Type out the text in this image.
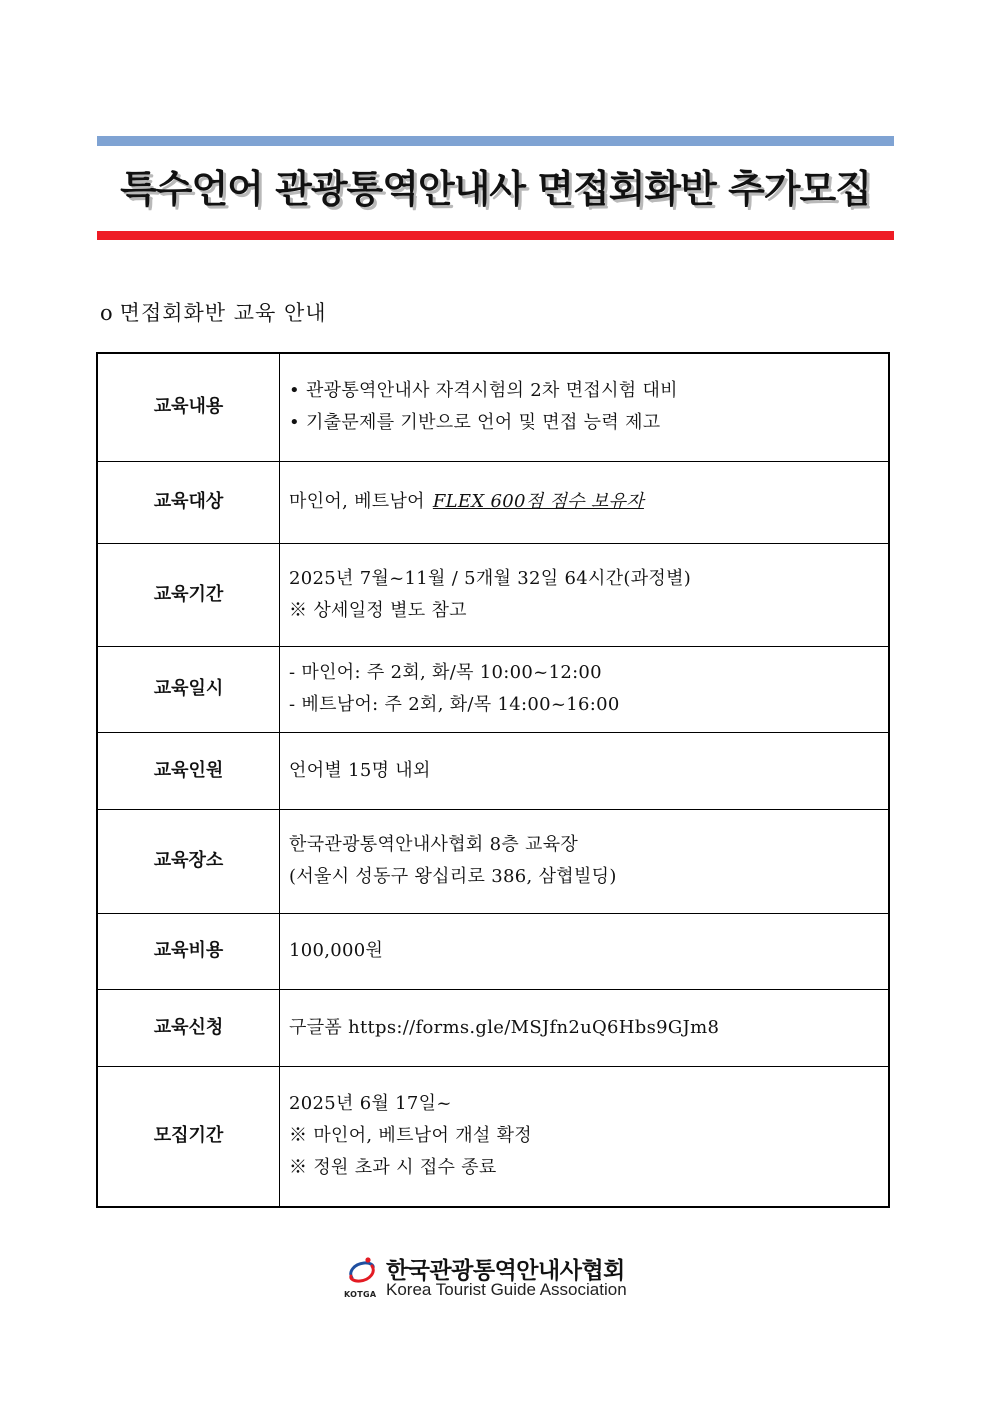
특수언어 관광통역안내사 면접회화반 추가모집
o 면접회화반 교육 안내
교육내용	• 관광통역안내사 자격시험의 2차 면접시험 대비
• 기출문제를 기반으로 언어 및 면접 능력 제고

교육대상	마인어, 베트남어 FLEX 600점 점수 보유자

교육기간	2025년 7월~11월 / 5개월 32일 64시간(과정별)
※ 상세일정 별도 참고

교육일시	- 마인어: 주 2회, 화/목 10:00~12:00
- 베트남어: 주 2회, 화/목 14:00~16:00

교육인원	언어별 15명 내외

교육장소	한국관광통역안내사협회 8층 교육장
(서울시 성동구 왕십리로 386, 삼협빌딩)

교육비용	100,000원

교육신청	구글폼 https://forms.gle/MSJfn2uQ6Hbs9GJm8

모집기간	2025년 6월 17일~
※ 마인어, 베트남어 개설 확정
※ 정원 초과 시 접수 종료
KOTGA
한국관광통역안내사협회
Korea Tourist Guide Association
